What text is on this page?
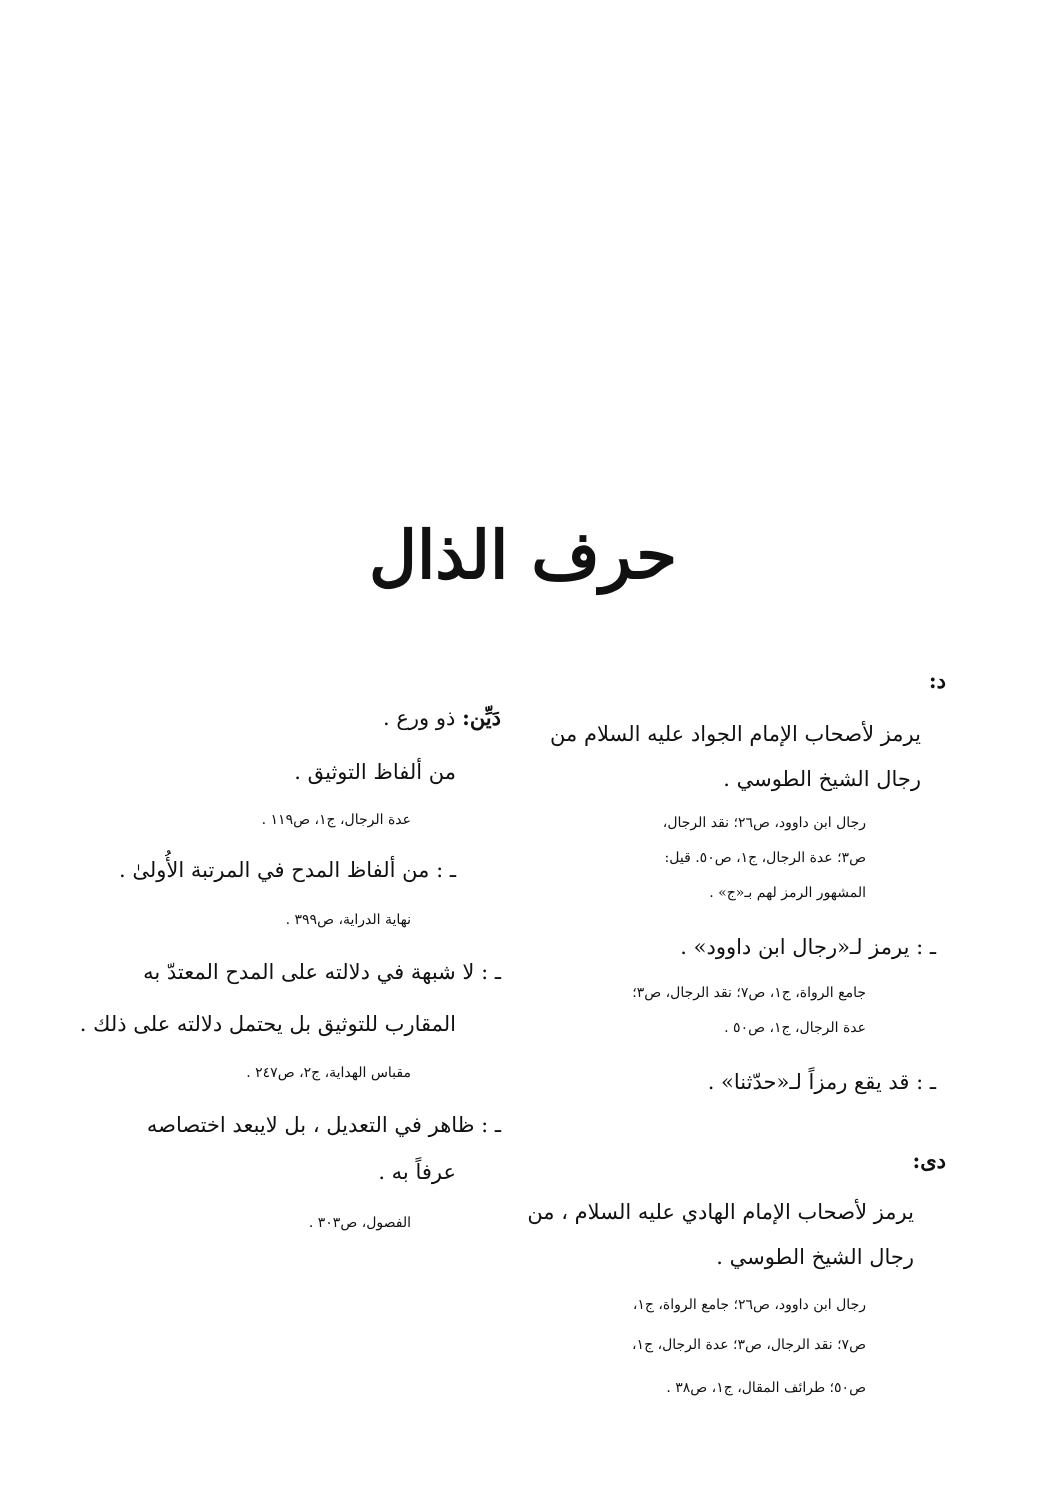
حرف الذال
د:
يرمز لأصحاب الإمام الجواد عليه السلام من
رجال الشيخ الطوسي .
رجال ابن داوود، ص٢٦؛ نقد الرجال،
ص٣؛ عدة الرجال، ج١، ص٥٠. قيل:
المشهور الرمز لهم بـ«ج» .
ـ : يرمز لـ«رجال ابن داوود» .
جامع الرواة، ج١، ص٧؛ نقد الرجال، ص٣؛
عدة الرجال، ج١، ص٥٠ .
ـ : قد يقع رمزاً لـ«حدّثنا» .
دى:
يرمز لأصحاب الإمام الهادي عليه السلام ، من
رجال الشيخ الطوسي .
رجال ابن داوود، ص٢٦؛ جامع الرواة، ج١،
ص٧؛ نقد الرجال، ص٣؛ عدة الرجال، ج١،
ص٥٠؛ طرائف المقال، ج١، ص٣٨ .
دَيِّن: ذو ورع .
من ألفاظ التوثيق .
عدة الرجال، ج١، ص١١٩ .
ـ : من ألفاظ المدح في المرتبة الأُولىٰ .
نهاية الدراية، ص٣٩٩ .
ـ : لا شبهة في دلالته على المدح المعتدّ به
المقارب للتوثيق بل يحتمل دلالته على ذلك .
مقباس الهداية، ج٢، ص٢٤٧ .
ـ : ظاهر في التعديل ، بل لايبعد اختصاصه
عرفاً به .
الفصول، ص٣٠٣ .
